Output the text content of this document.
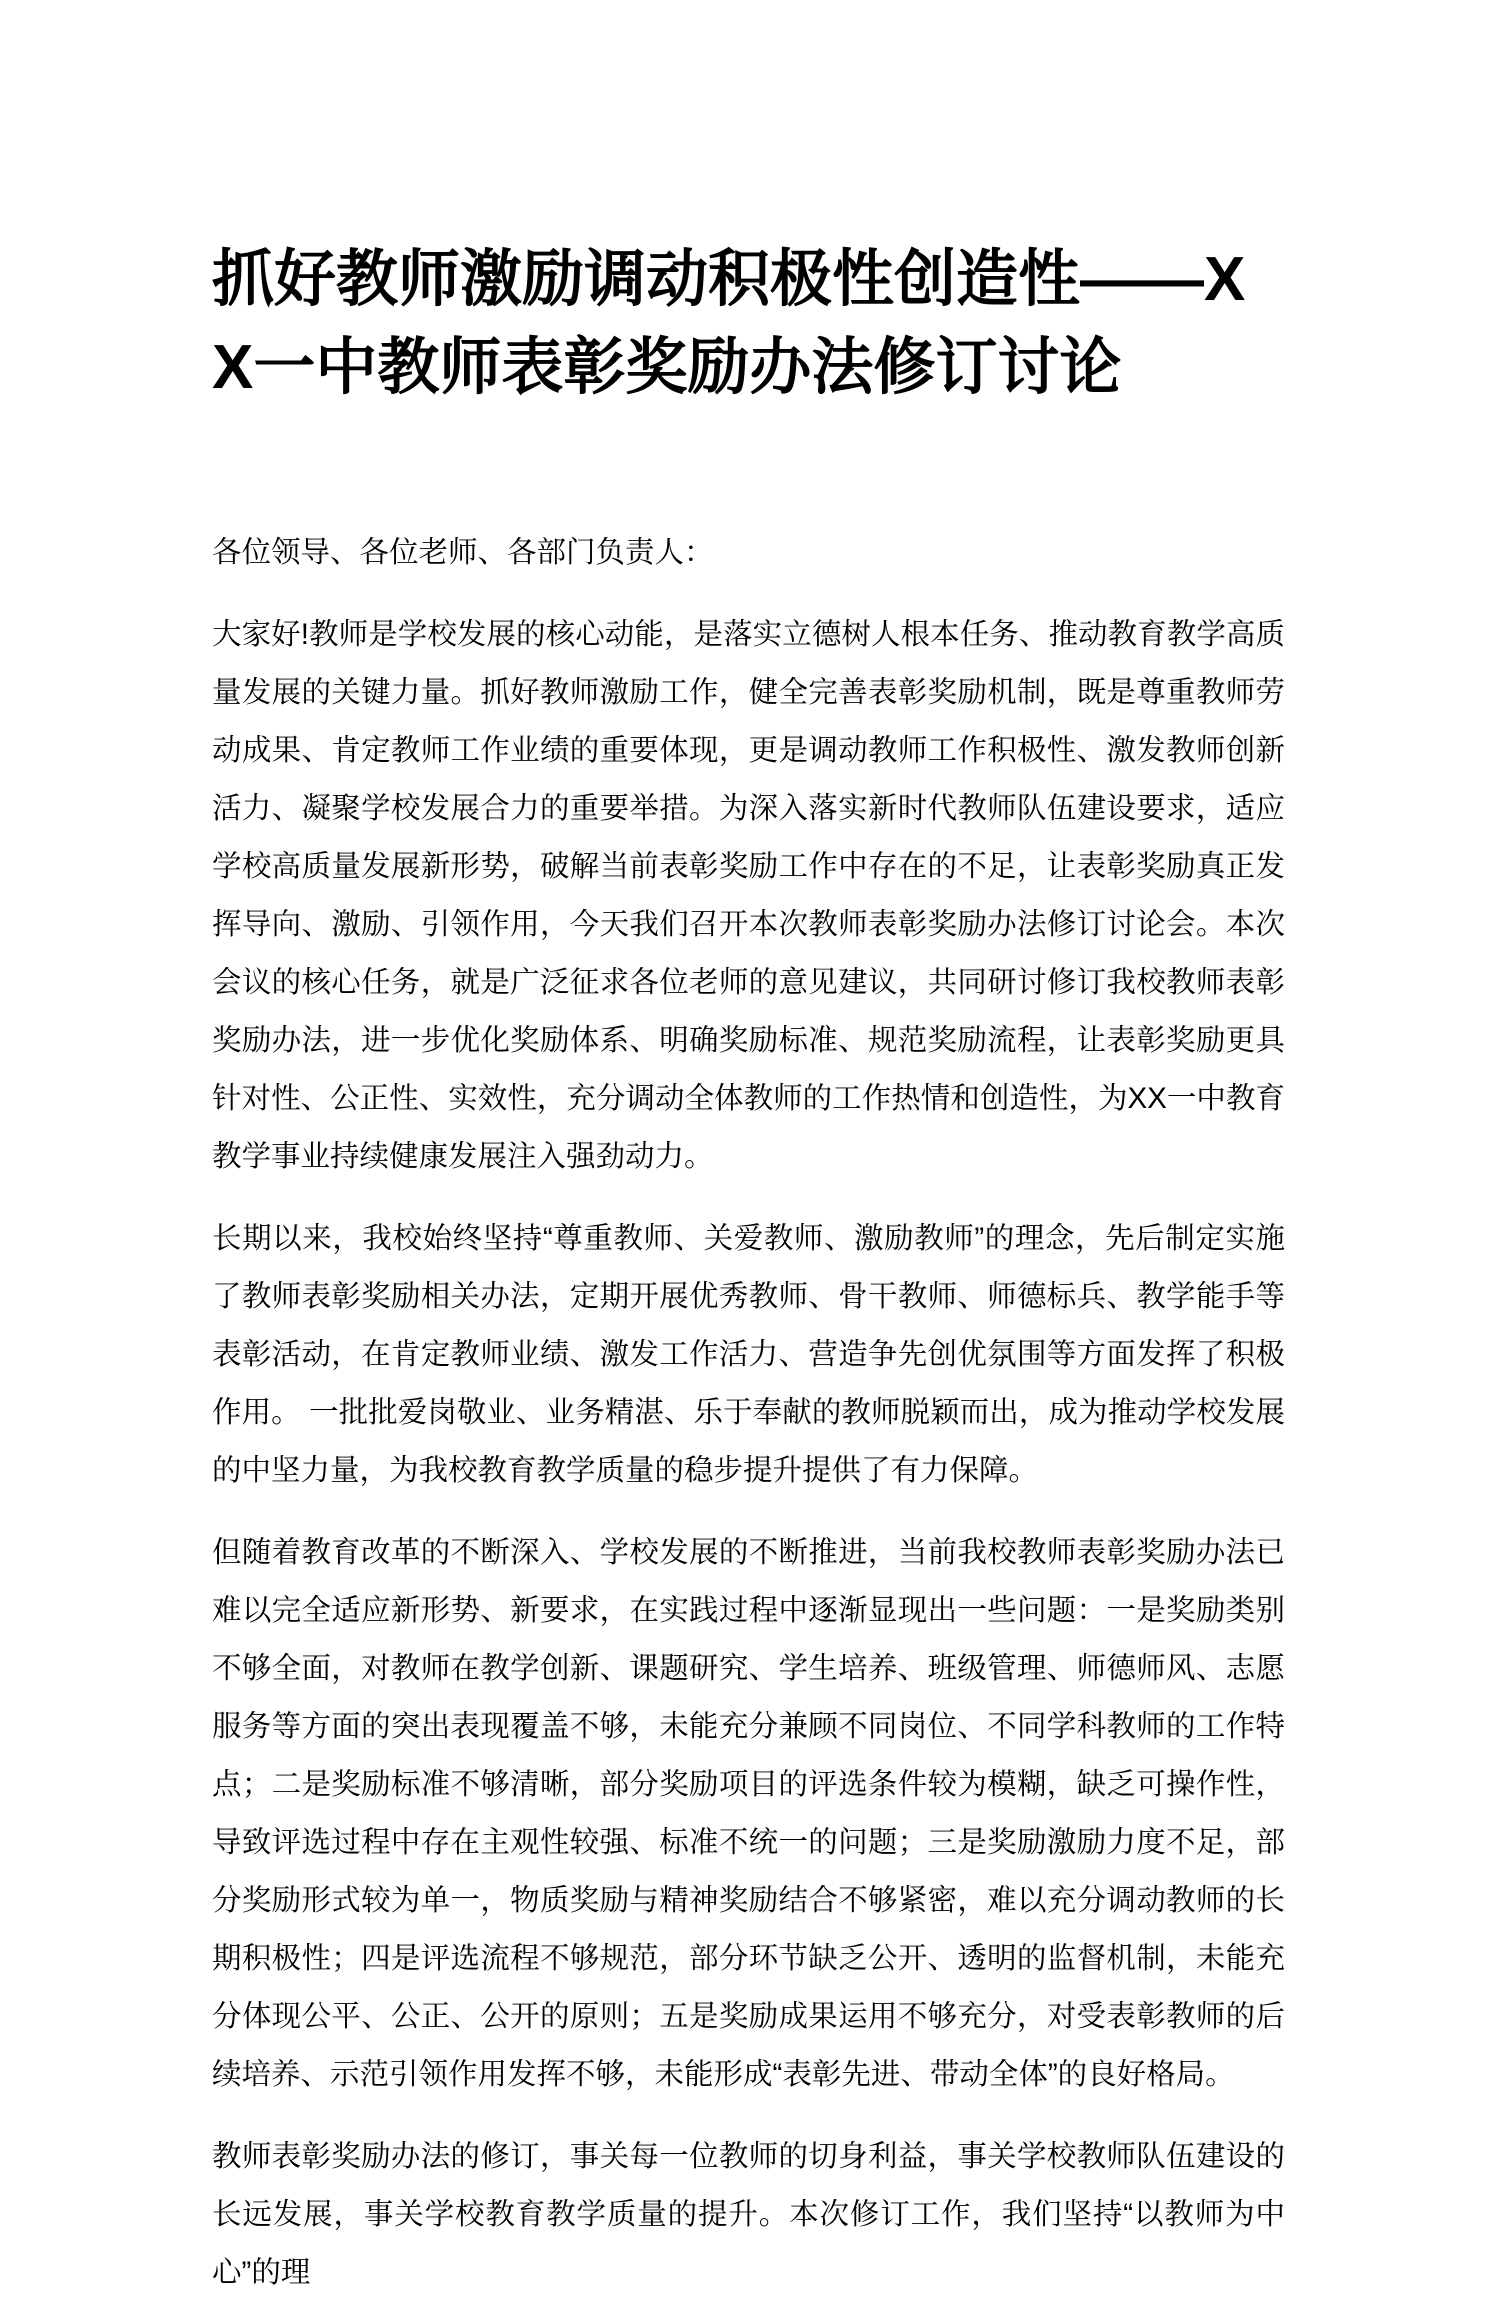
抓好教师激励调动积极性创造性——XX一中教师表彰奖励办法修订讨论

各位领导、各位老师、各部门负责人：

大家好!教师是学校发展的核心动能，是落实立德树人根本任务、推动教育教学高质量发展的关键力量。抓好教师激励工作，健全完善表彰奖励机制，既是尊重教师劳动成果、肯定教师工作业绩的重要体现，更是调动教师工作积极性、激发教师创新活力、凝聚学校发展合力的重要举措。为深入落实新时代教师队伍建设要求，适应学校高质量发展新形势，破解当前表彰奖励工作中存在的不足，让表彰奖励真正发挥导向、激励、引领作用，今天我们召开本次教师表彰奖励办法修订讨论会。本次会议的核心任务，就是广泛征求各位老师的意见建议，共同研讨修订我校教师表彰奖励办法，进一步优化奖励体系、明确奖励标准、规范奖励流程，让表彰奖励更具针对性、公正性、实效性，充分调动全体教师的工作热情和创造性，为XX一中教育教学事业持续健康发展注入强劲动力。

长期以来，我校始终坚持“尊重教师、关爱教师、激励教师”的理念，先后制定实施了教师表彰奖励相关办法，定期开展优秀教师、骨干教师、师德标兵、教学能手等表彰活动，在肯定教师业绩、激发工作活力、营造争先创优氛围等方面发挥了积极作用。 一批批爱岗敬业、业务精湛、乐于奉献的教师脱颖而出，成为推动学校发展的中坚力量，为我校教育教学质量的稳步提升提供了有力保障。

但随着教育改革的不断深入、学校发展的不断推进，当前我校教师表彰奖励办法已难以完全适应新形势、新要求，在实践过程中逐渐显现出一些问题：一是奖励类别不够全面，对教师在教学创新、课题研究、学生培养、班级管理、师德师风、志愿服务等方面的突出表现覆盖不够，未能充分兼顾不同岗位、不同学科教师的工作特点；二是奖励标准不够清晰，部分奖励项目的评选条件较为模糊，缺乏可操作性，导致评选过程中存在主观性较强、标准不统一的问题；三是奖励激励力度不足，部分奖励形式较为单一，物质奖励与精神奖励结合不够紧密，难以充分调动教师的长期积极性；四是评选流程不够规范，部分环节缺乏公开、透明的监督机制，未能充分体现公平、公正、公开的原则；五是奖励成果运用不够充分，对受表彰教师的后续培养、示范引领作用发挥不够，未能形成“表彰先进、带动全体”的良好格局。

教师表彰奖励办法的修订，事关每一位教师的切身利益，事关学校教师队伍建设的长远发展，事关学校教育教学质量的提升。本次修订工作，我们坚持“以教师为中心”的理
